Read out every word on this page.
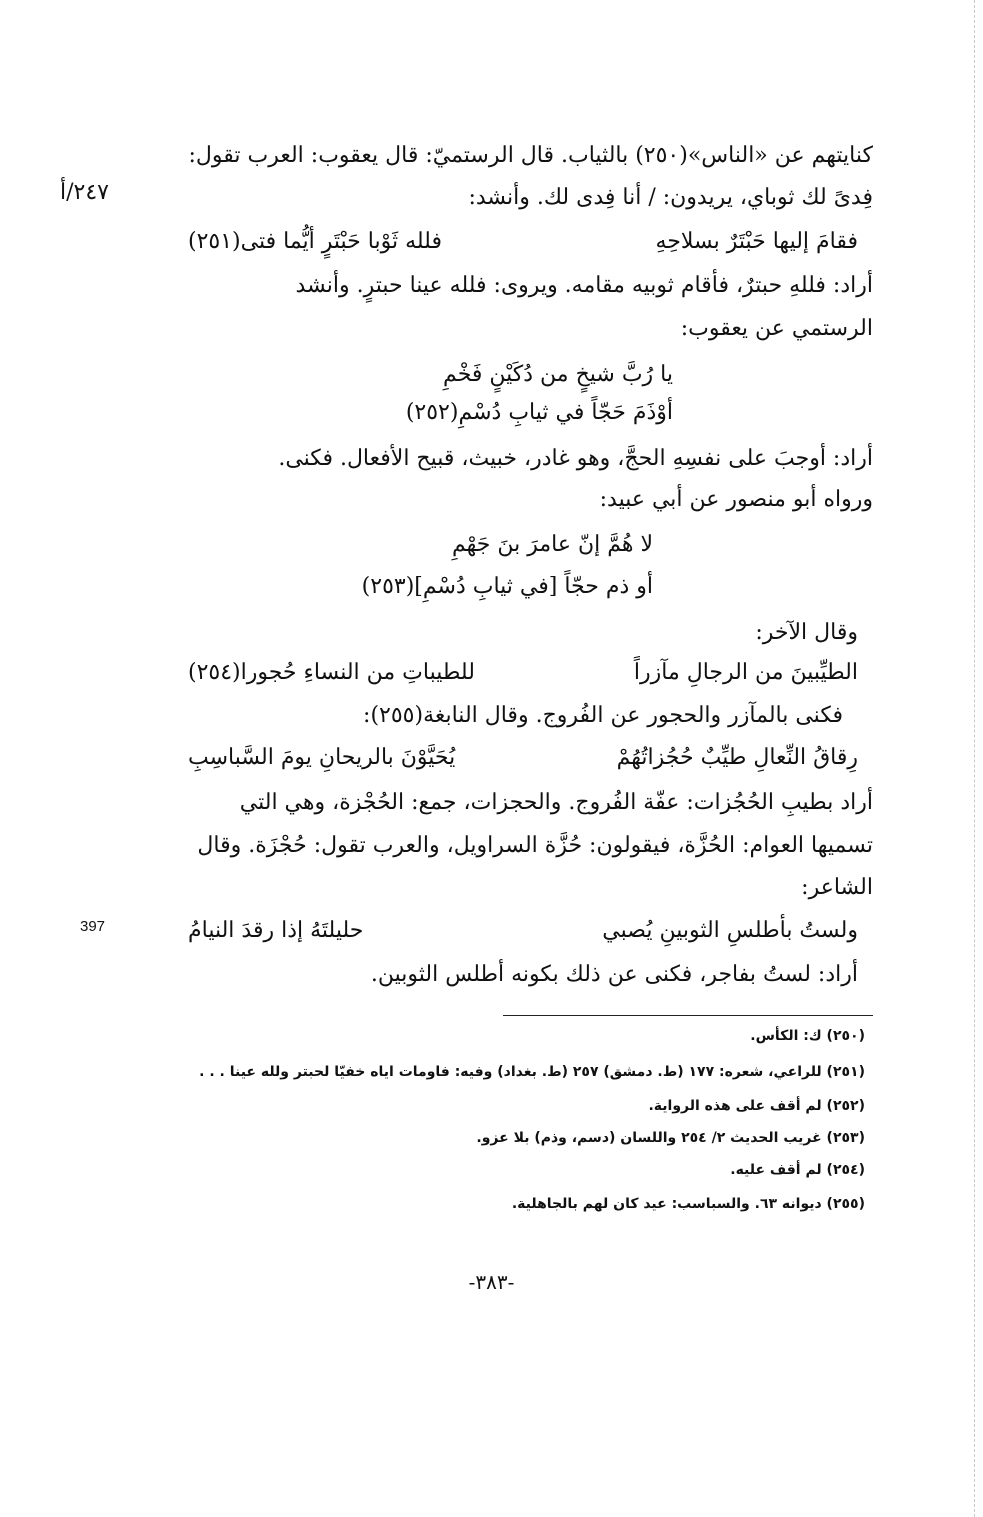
٢٤٧/أ
397
كنايتهم عن «الناس»(٢٥٠) بالثياب. قال الرستميّ: قال يعقوب: العرب تقول:
فِدىً لك ثوباي، يريدون: / أنا فِدى لك. وأنشد:
فقامَ إليها حَبْتَرٌ بسلاحِهِ
فلله ثَوْبا حَبْتَرٍ أيُّما فتى(٢٥١)
أراد: فللهِ حبترٌ، فأقام ثوبيه مقامه. ويروى: فلله عينا حبترٍ. وأنشد
الرستمي عن يعقوب:
يا رُبَّ شيخٍ من دُكَيْنٍ فَخْمِ
أوْذَمَ حَجّاً في ثيابِ دُسْمِ(٢٥٢)
أراد: أوجبَ على نفسِهِ الحجَّ، وهو غادر، خبيث، قبيح الأفعال. فكنى.
ورواه أبو منصور عن أبي عبيد:
لا هُمَّ إنّ عامرَ بنَ جَهْمِ
أو ذم حجّاً [في ثيابِ دُسْمِ](٢٥٣)
وقال الآخر:
الطيِّبينَ من الرجالِ مآزراً
للطيباتِ من النساءِ حُجورا(٢٥٤)
فكنى بالمآزر والحجور عن الفُروج. وقال النابغة(٢٥٥):
رِقاقُ النِّعالِ طيِّبٌ حُجُزاتُهُمْ
يُحَيَّوْنَ بالريحانِ يومَ السَّباسِبِ
أراد بطيبِ الحُجُزات: عفّة الفُروج. والحجزات، جمع: الحُجْزة، وهي التي
تسميها العوام: الحُزَّة، فيقولون: حُزَّة السراويل، والعرب تقول: حُجْزَة. وقال
الشاعر:
ولستُ بأطلسِ الثوبينِ يُصبي
حليلتَهُ إذا رقدَ النيامُ
أراد: لستُ بفاجر، فكنى عن ذلك بكونه أطلس الثوبين.
(٢٥٠) ك: الكأس.
(٢٥١) للراعي، شعره: ١٧٧ (ط. دمشق) ٢٥٧ (ط. بغداد) وفيه: فاومات اياه خفيّا لحبتر ولله عينا . . .
(٢٥٢) لم أقف على هذه الرواية.
(٢٥٣) غريب الحديث ٢/ ٢٥٤ واللسان (دسم، وذم) بلا عزو.
(٢٥٤) لم أقف عليه.
(٢٥٥) ديوانه ٦٣. والسباسب: عيد كان لهم بالجاهلية.
-٣٨٣-
